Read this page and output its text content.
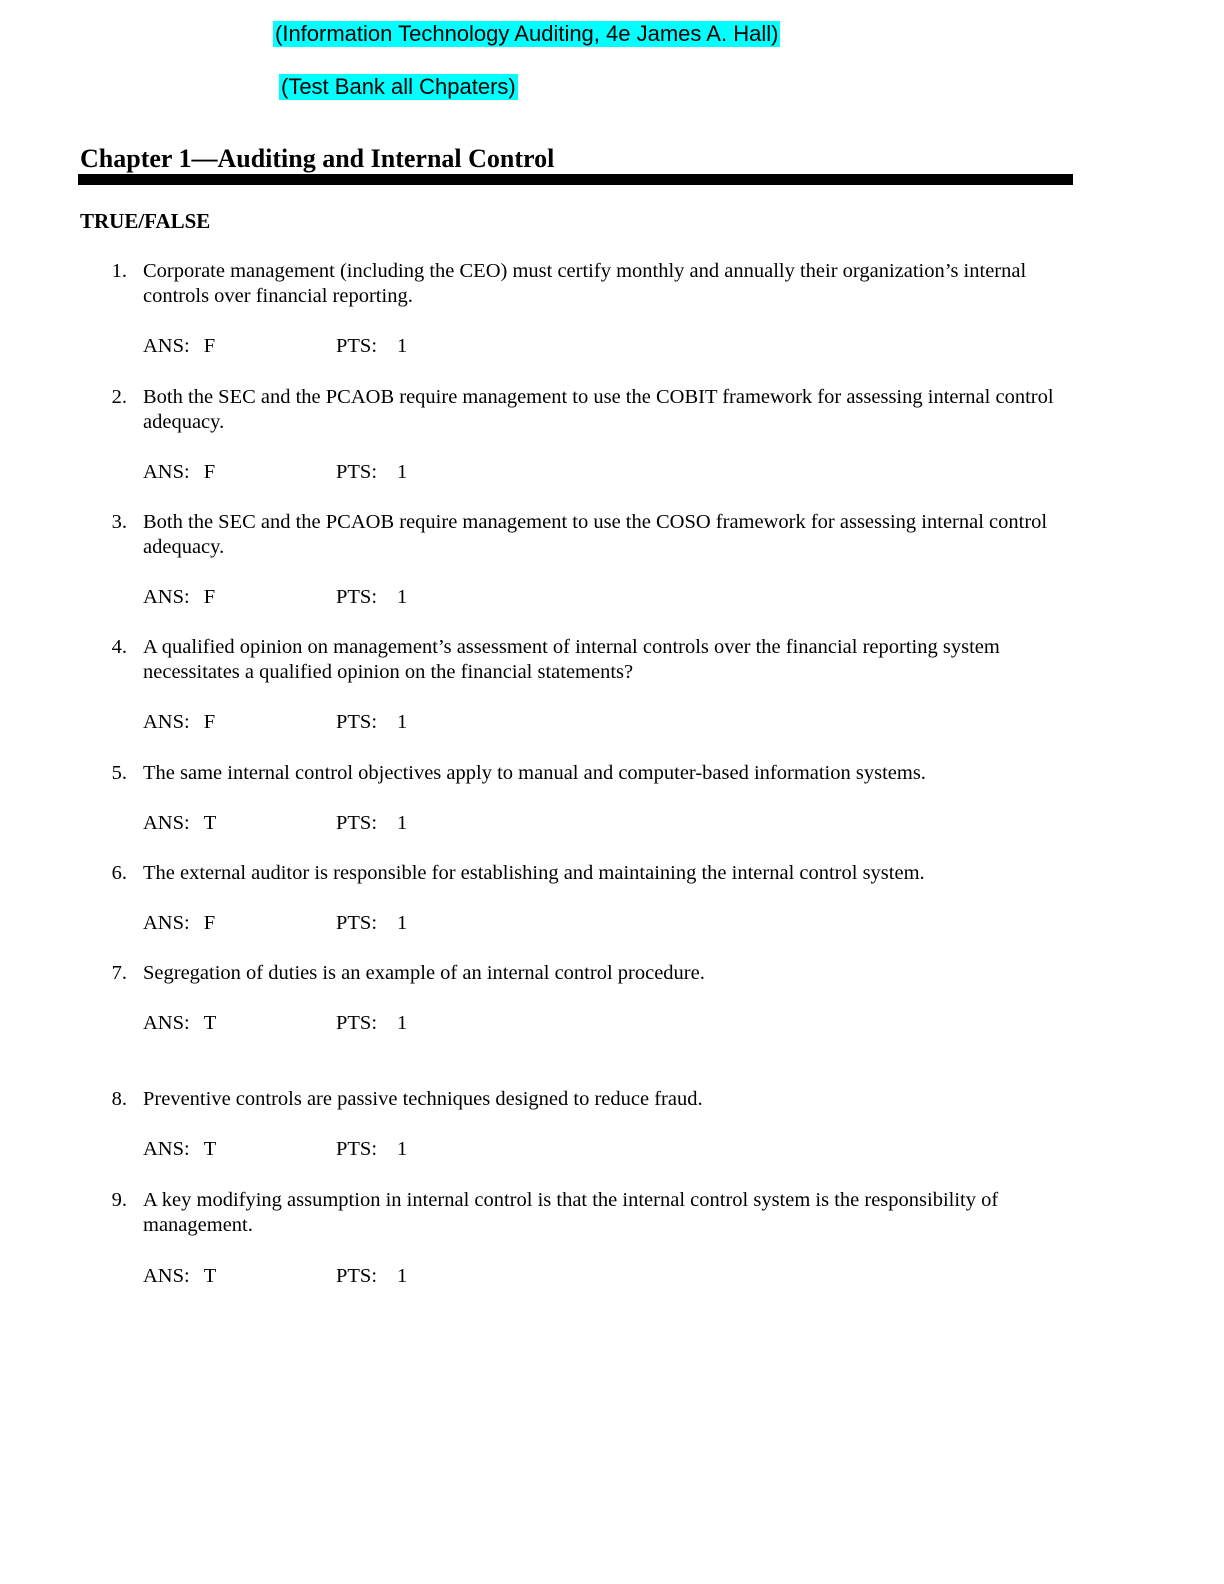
(Information Technology Auditing, 4e James A. Hall)
(Test Bank all Chpaters)
Chapter 1—Auditing and Internal Control
TRUE/FALSE
1. Corporate management (including the CEO) must certify monthly and annually their organization’s internal controls over financial reporting.
ANS: F	PTS: 1
2. Both the SEC and the PCAOB require management to use the COBIT framework for assessing internal control adequacy.
ANS: F	PTS: 1
3. Both the SEC and the PCAOB require management to use the COSO framework for assessing internal control adequacy.
ANS: F	PTS: 1
4. A qualified opinion on management’s assessment of internal controls over the financial reporting system necessitates a qualified opinion on the financial statements?
ANS: F	PTS: 1
5. The same internal control objectives apply to manual and computer-based information systems.
ANS: T	PTS: 1
6. The external auditor is responsible for establishing and maintaining the internal control system.
ANS: F	PTS: 1
7. Segregation of duties is an example of an internal control procedure.
ANS: T	PTS: 1
8. Preventive controls are passive techniques designed to reduce fraud.
ANS: T	PTS: 1
9. A key modifying assumption in internal control is that the internal control system is the responsibility of management.
ANS: T	PTS: 1
